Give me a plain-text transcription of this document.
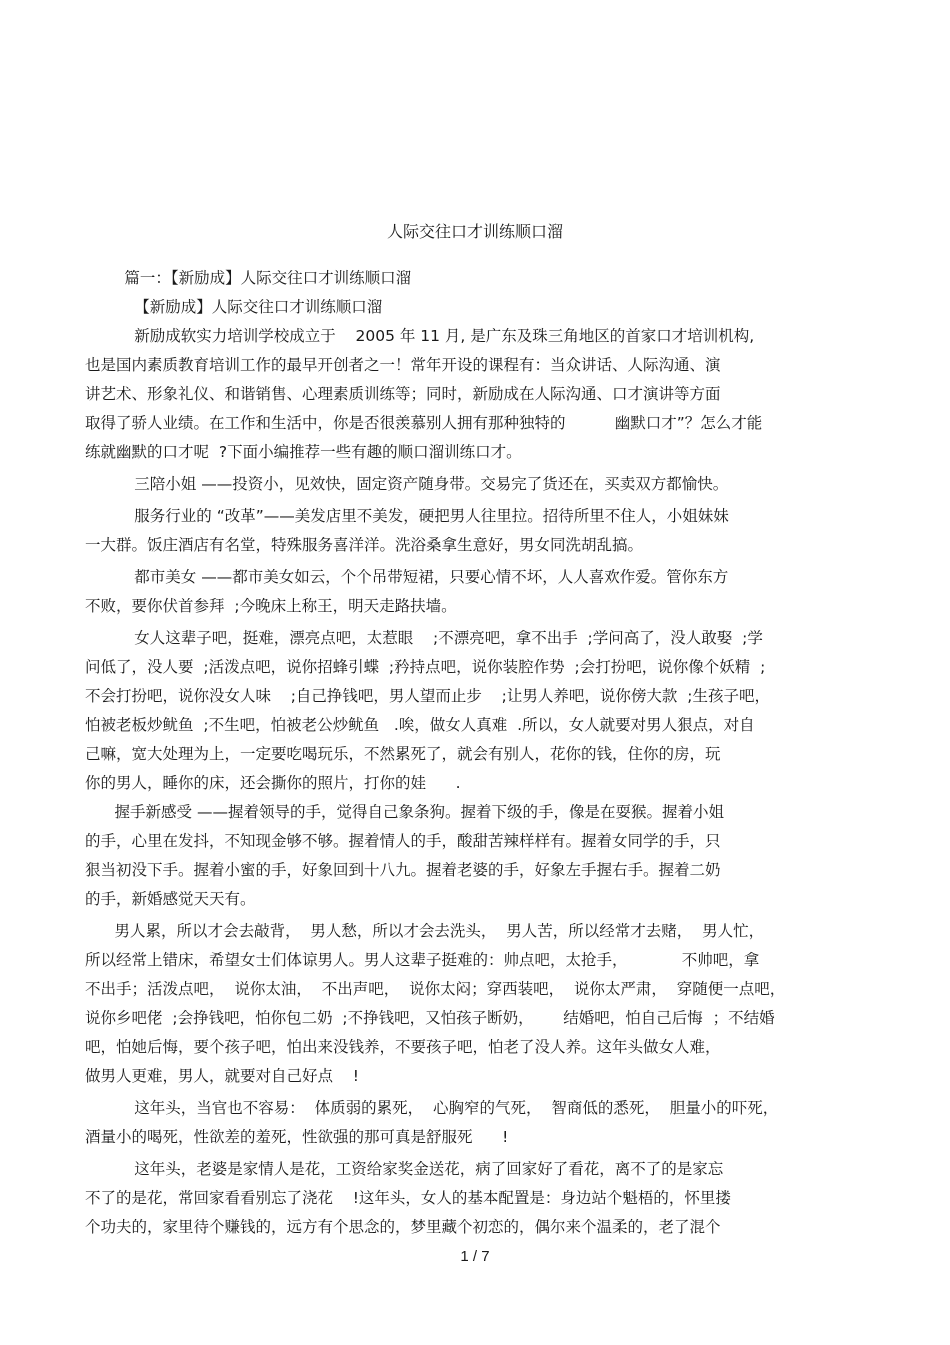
人际交往口才训练顺口溜
篇一：【新励成】人际交往口才训练顺口溜
【新励成】人际交往口才训练顺口溜
新励成软实力培训学校成立于    2005 年 11 月, 是广东及珠三角地区的首家口才培训机构,
也是国内素质教育培训工作的最早开创者之一！常年开设的课程有：当众讲话、人际沟通、演
讲艺术、形象礼仪、和谐销售、心理素质训练等；同时，新励成在人际沟通、口才演讲等方面
取得了骄人业绩。在工作和生活中，你是否很羡慕别人拥有那种独特的          幽默口才”？怎么才能
练就幽默的口才呢  ?下面小编推荐一些有趣的顺口溜训练口才。
三陪小姐 ——投资小，见效快，固定资产随身带。交易完了货还在，买卖双方都愉快。
服务行业的 “改革”——美发店里不美发，硬把男人往里拉。招待所里不住人，小姐妹妹
一大群。饭庄酒店有名堂，特殊服务喜洋洋。洗浴桑拿生意好，男女同洗胡乱搞。
都市美女 ——都市美女如云，个个吊带短裙，只要心情不坏，人人喜欢作爱。管你东方
不败，要你伏首参拜  ;今晚床上称王，明天走路扶墙。
女人这辈子吧，挺难，漂亮点吧，太惹眼    ;不漂亮吧，拿不出手  ;学问高了，没人敢娶  ;学
问低了，没人要  ;活泼点吧，说你招蜂引蝶  ;矜持点吧，说你装腔作势  ;会打扮吧，说你像个妖精  ;
不会打扮吧，说你没女人味    ;自己挣钱吧，男人望而止步    ;让男人养吧，说你傍大款  ;生孩子吧，
怕被老板炒鱿鱼  ;不生吧，怕被老公炒鱿鱼   .唉，做女人真难  .所以，女人就要对男人狠点，对自
己嘛，宽大处理为上，一定要吃喝玩乐，不然累死了，就会有别人，花你的钱，住你的房，玩
你的男人，睡你的床，还会撕你的照片，打你的娃      .
握手新感受 ——握着领导的手，觉得自己象条狗。握着下级的手，像是在耍猴。握着小姐
的手，心里在发抖，不知现金够不够。握着情人的手，酸甜苦辣样样有。握着女同学的手，只
狠当初没下手。握着小蜜的手，好象回到十八九。握着老婆的手，好象左手握右手。握着二奶
的手，新婚感觉天天有。
男人累，所以才会去敲背，  男人愁，所以才会去洗头，  男人苦，所以经常才去赌，  男人忙，
所以经常上错床，希望女士们体谅男人。男人这辈子挺难的：帅点吧，太抢手，           不帅吧，拿
不出手；活泼点吧，  说你太油，  不出声吧，  说你太闷；穿西装吧，  说你太严肃，  穿随便一点吧，
说你乡吧佬  ;会挣钱吧，怕你包二奶  ;不挣钱吧，又怕孩子断奶，      结婚吧，怕自己后悔  ；不结婚
吧，怕她后悔，要个孩子吧，怕出来没钱养，不要孩子吧，怕老了没人养。这年头做女人难，
做男人更难，男人，就要对自己好点    !
这年头，当官也不容易：  体质弱的累死，  心胸窄的气死，  智商低的悉死，  胆量小的吓死，
酒量小的喝死，性欲差的羞死，性欲强的那可真是舒服死      !
这年头，老婆是家情人是花，工资给家奖金送花，病了回家好了看花，离不了的是家忘
不了的是花，常回家看看别忘了浇花    !这年头，女人的基本配置是：身边站个魁梧的，怀里搂
个功夫的，家里待个赚钱的，远方有个思念的，梦里藏个初恋的，偶尔来个温柔的，老了混个
1 / 7
